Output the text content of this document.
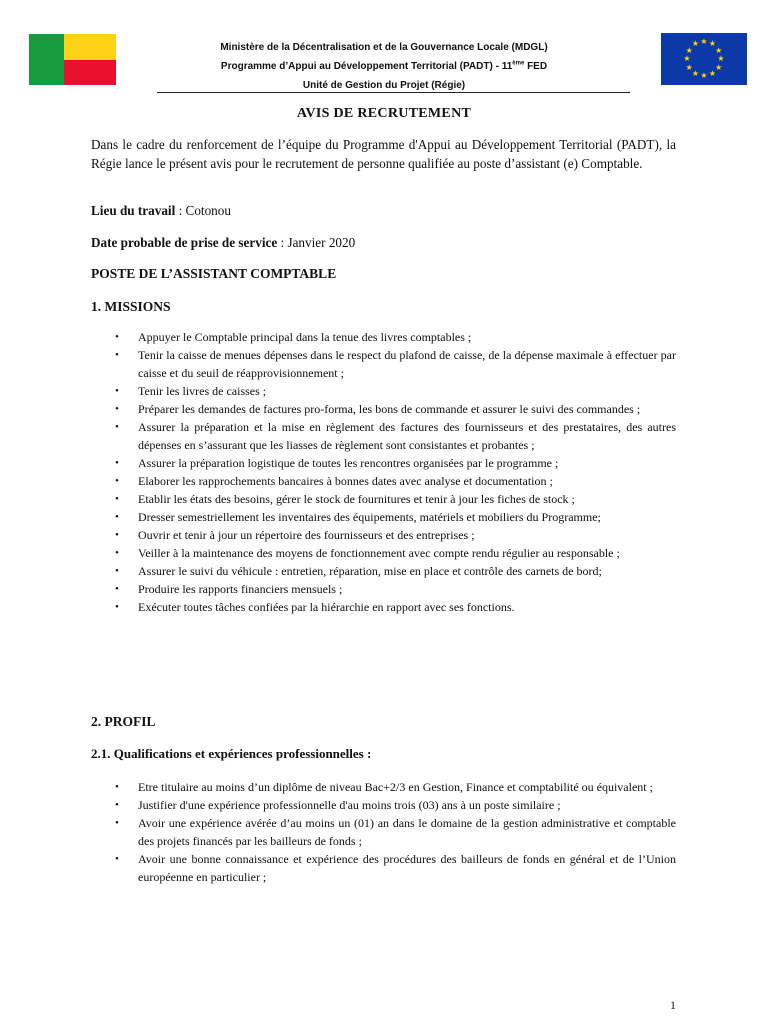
★ ★
★
★
★
★
★
★
★
★
★
★
Ministère de la Décentralisation et de la Gouvernance Locale (MDGL)
Programme d’Appui au Développement Territorial (PADT) - 11ème FED
Unité de Gestion du Projet (Régie)
AVIS DE RECRUTEMENT
Dans le cadre du renforcement de l’équipe du Programme d'Appui au Développement Territorial (PADT), la Régie lance le présent avis pour le recrutement de personne qualifiée au poste d’assistant (e) Comptable.
Lieu du travail : Cotonou
Date probable de prise de service : Janvier 2020
POSTE DE L’ASSISTANT COMPTABLE
1. MISSIONS
• Appuyer le Comptable principal dans la tenue des livres comptables ;
• Tenir la caisse de menues dépenses dans le respect du plafond de caisse, de la dépense maximale à effectuer par caisse et du seuil de réapprovisionnement ;
• Tenir les livres de caisses ;
• Préparer les demandes de factures pro-forma, les bons de commande et assurer le suivi des commandes ;
• Assurer la préparation et la mise en règlement des factures des fournisseurs et des prestataires, des autres dépenses en s’assurant que les liasses de règlement sont consistantes et probantes ;
• Assurer la préparation logistique de toutes les rencontres organisées par le programme ;
• Elaborer les rapprochements bancaires à bonnes dates avec analyse et documentation ;
• Etablir les états des besoins, gérer le stock de fournitures et tenir à jour les fiches de stock ;
• Dresser semestriellement les inventaires des équipements, matériels et mobiliers du Programme;
• Ouvrir et tenir à jour un répertoire des fournisseurs et des entreprises ;
• Veiller à la maintenance des moyens de fonctionnement avec compte rendu régulier au responsable ;
• Assurer le suivi du véhicule : entretien, réparation, mise en place et contrôle des carnets de bord;
• Produire les rapports financiers mensuels ;
• Exécuter toutes tâches confiées par la hiérarchie en rapport avec ses fonctions.
2. PROFIL
2.1. Qualifications et expériences professionnelles :
• Etre titulaire au moins d’un diplôme de niveau Bac+2/3 en Gestion, Finance et comptabilité ou équivalent ;
• Justifier d'une expérience professionnelle d'au moins trois (03) ans à un poste similaire ;
• Avoir une expérience avérée d’au moins un (01) an dans le domaine de la gestion administrative et comptable des projets financés par les bailleurs de fonds ;
• Avoir une bonne connaissance et expérience des procédures des bailleurs de fonds en général et de l’Union européenne en particulier ;
1
